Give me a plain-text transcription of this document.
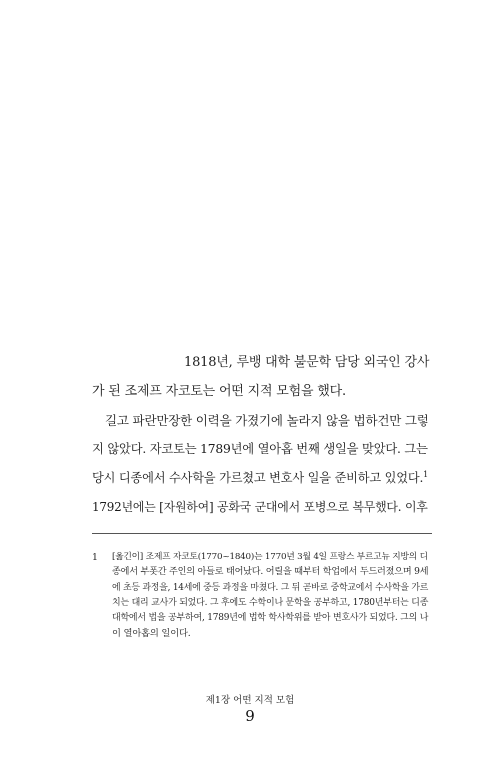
1818년, 루뱅 대학 불문학 담당 외국인 강사
가 된 조제프 자코토는 어떤 지적 모험을 했다.
길고 파란만장한 이력을 가졌기에 놀라지 않을 법하건만 그렇
지 않았다. 자코토는 1789년에 열아홉 번째 생일을 맞았다. 그는
당시 디종에서 수사학을 가르쳤고 변호사 일을 준비하고 있었다.$^1$
1792년에는 [자원하여] 공화국 군대에서 포병으로 복무했다. 이후
1 [옮긴이] 조제프 자코토(1770~1840)는 1770년 3월 4일 프랑스 부르고뉴 지방의 디
종에서 부폿간 주인의 아들로 태어났다. 어릴을 때부터 학업에서 두드러졌으며 9세
에 초등 과정을, 14세에 중등 과정을 마쳤다. 그 뒤 곧바로 중학교에서 수사학을 가르
치는 대리 교사가 되었다. 그 후에도 수학이나 문학을 공부하고, 1780년부터는 디종
대학에서 법을 공부하여, 1789년에 법학 학사학위를 받아 변호사가 되었다. 그의 나
이 열아홉의 일이다.
제1장 어떤 지적 모험
9
